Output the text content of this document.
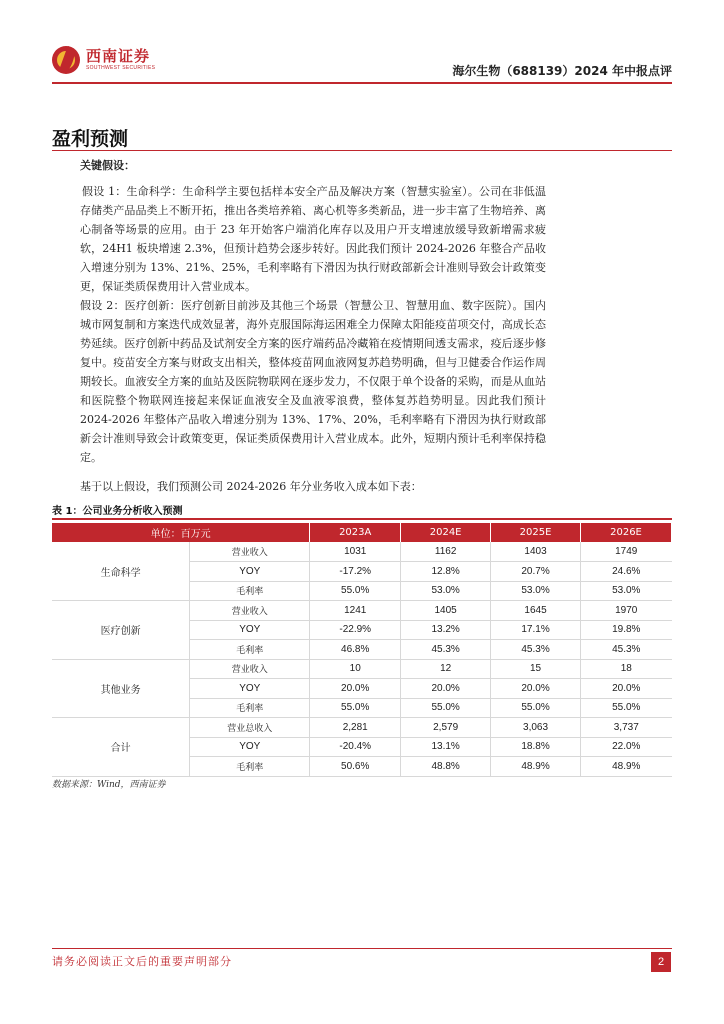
西南证券
SOUTHWEST SECURITIES	海尔生物（688139）2024 年中报点评
盈利预测
关键假设：
假设 1：生命科学：生命科学主要包括样本安全产品及解决方案（智慧实验室）。公司在非低温存储类产品品类上不断开拓，推出各类培养箱、离心机等多类新品，进一步丰富了生物培养、离心制备等场景的应用。由于 23 年开始客户端消化库存以及用户开支增速放缓导致新增需求疲软，24H1 板块增速 2.3%，但预计趋势会逐步转好。因此我们预计 2024-2026 年整合产品收入增速分别为 13%、21%、25%，毛利率略有下滑因为执行财政部新会计准则导致会计政策变更，保证类质保费用计入营业成本。
假设 2：医疗创新：医疗创新目前涉及其他三个场景（智慧公卫、智慧用血、数字医院）。国内城市网复制和方案迭代成效显著，海外克服国际海运困难全力保障太阳能疫苗项交付，高成长态势延续。医疗创新中药品及试剂安全方案的医疗端药品冷藏箱在疫情期间透支需求，疫后逐步修复中。疫苗安全方案与财政支出相关，整体疫苗网血液网复苏趋势明确，但与卫健委合作运作周期较长。血液安全方案的血站及医院物联网在逐步发力，不仅限于单个设备的采购，而是从血站和医院整个物联网连接起来保证血液安全及血液零浪费，整体复苏趋势明显。因此我们预计 2024-2026 年整体产品收入增速分别为 13%、17%、20%，毛利率略有下滑因为执行财政部新会计准则导致会计政策变更，保证类质保费用计入营业成本。此外，短期内预计毛利率保持稳定。
基于以上假设，我们预测公司 2024-2026 年分业务收入成本如下表：
表 1：公司业务分析收入预测
单位：百万元		2023A	2024E	2025E	2026E
生命科学	营业收入	1031	1162	1403	1749
	YOY	-17.2%	12.8%	20.7%	24.6%
	毛利率	55.0%	53.0%	53.0%	53.0%
医疗创新	营业收入	1241	1405	1645	1970
	YOY	-22.9%	13.2%	17.1%	19.8%
	毛利率	46.8%	45.3%	45.3%	45.3%
其他业务	营业收入	10	12	15	18
	YOY	20.0%	20.0%	20.0%	20.0%
	毛利率	55.0%	55.0%	55.0%	55.0%
合计	营业总收入	2,281	2,579	3,063	3,737
	YOY	-20.4%	13.1%	18.8%	22.0%
	毛利率	50.6%	48.8%	48.9%	48.9%
数据来源：Wind，西南证券
请务必阅读正文后的重要声明部分	2
